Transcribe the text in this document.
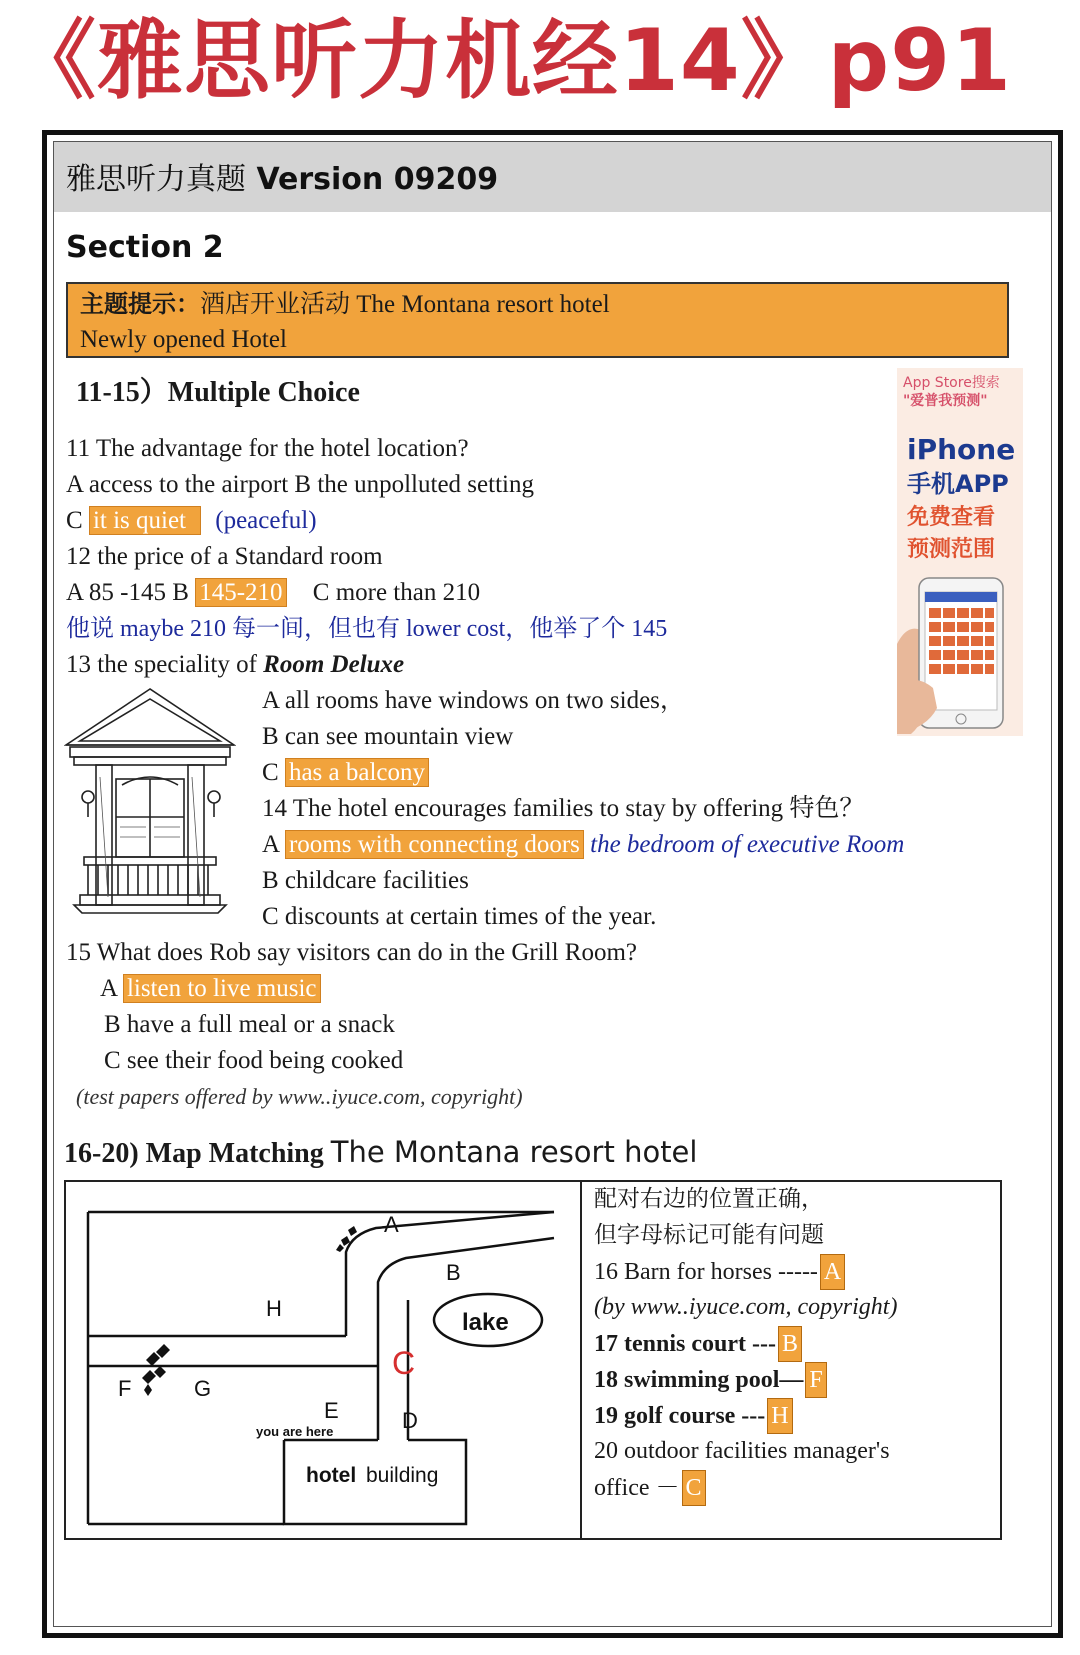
《雅思听力机经14》p91
雅思听力真题 Version 09209
Section 2
主题提示：酒店开业活动 The Montana resort hotel
Newly opened Hotel
11-15）Multiple Choice
11 The advantage for the hotel location?
A access to the airport B the unpolluted setting
C it is quiet (peaceful)
12 the price of a Standard room
A 85 -145 B 145-210 C more than 210
他说 maybe 210 每一间，但也有 lower cost，他举了个 145
13 the speciality of Room Deluxe
A all rooms have windows on two sides，
B can see mountain view
C has a balcony
14 The hotel encourages families to stay by offering 特色？
A rooms with connecting doors the bedroom of executive Room
B childcare facilities
C discounts at certain times of the year.
15 What does Rob say visitors can do in the Grill Room?
A listen to live music
B have a full meal or a snack
C see their food being cooked
(test papers offered by www..iyuce.com, copyright)
16-20) Map Matching The Montana resort hotel
App Store搜索
"爱普我预测"
iPhone
手机APP
免费查看
预测范围
A
B
lake
H
F	G
E
you are here	D
C
hotel building
配对右边的位置正确，
但字母标记可能有问题
16 Barn for horses ----- A
(by www..iyuce.com, copyright)
17 tennis court --- B
18 swimming pool— F
19 golf course --- H
20 outdoor facilities manager's
office － C
